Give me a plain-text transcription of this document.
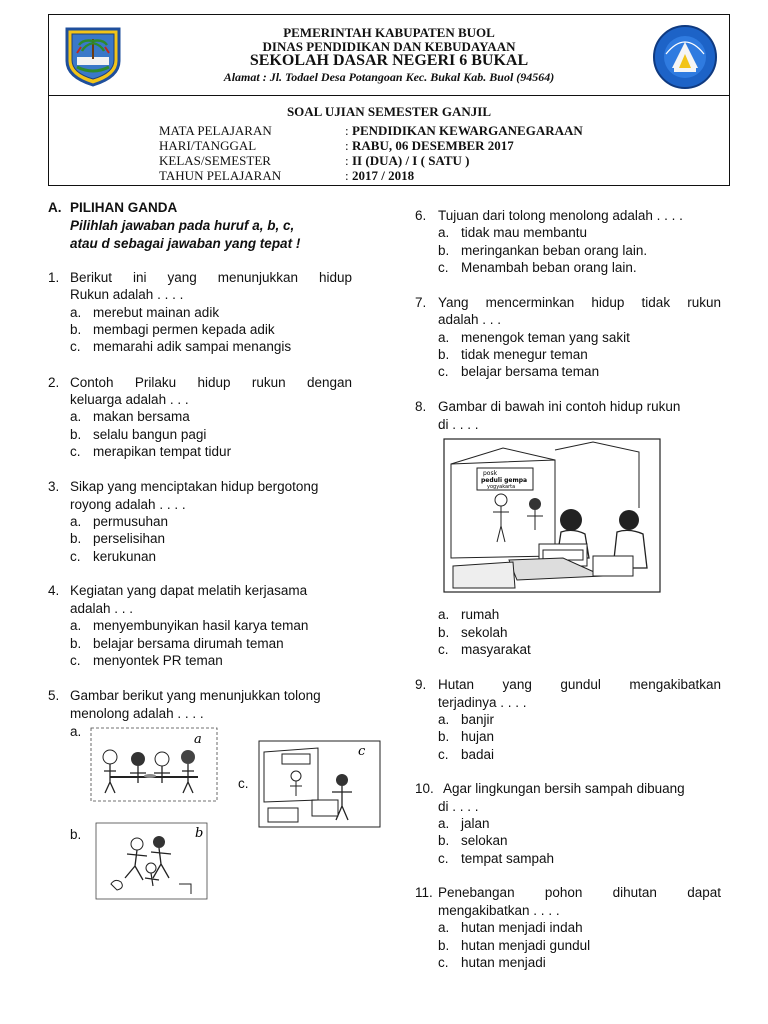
PEMERINTAH KABUPATEN BUOL
DINAS PENDIDIKAN DAN KEBUDAYAAN
SEKOLAH DASAR NEGERI 6 BUKAL
Alamat : Jl. Todael Desa Potangoan Kec. Bukal Kab. Buol (94564)
SOAL UJIAN SEMESTER GANJIL
MATA PELAJARAN	: PENDIDIKAN KEWARGANEGARAAN
HARI/TANGGAL	: RABU, 06 DESEMBER 2017
KELAS/SEMESTER	: II (DUA) / I ( SATU )
TAHUN PELAJARAN	: 2017 / 2018
A. PILIHAN GANDA
Pilihlah jawaban pada huruf a, b, c,
atau d sebagai jawaban yang tepat !
1. Berikut ini yang menunjukkan hidup
Rukun adalah . . . .
a. merebut mainan adik
b. membagi permen kepada adik
c. memarahi adik sampai menangis
2. Contoh Prilaku hidup rukun dengan
keluarga adalah . . .
a. makan bersama
b. selalu bangun pagi
c. merapikan tempat tidur
3. Sikap yang menciptakan hidup bergotong
royong adalah . . . .
a. permusuhan
b. perselisihan
c. kerukunan
4. Kegiatan yang dapat melatih kerjasama
adalah . . .
a. menyembunyikan hasil karya teman
b. belajar bersama dirumah teman
c. menyontek PR teman
5. Gambar berikut yang menunjukkan tolong
menolong adalah . . . .
a.
b.
c.
a
b
c
6. Tujuan dari tolong menolong adalah . . . .
a. tidak mau membantu
b. meringankan beban orang lain.
c. Menambah beban orang lain.
7. Yang mencerminkan hidup tidak rukun
adalah . . .
a. menengok teman yang sakit
b. tidak menegur teman
c. belajar bersama teman
8. Gambar di bawah ini contoh hidup rukun
di . . . .
posk
peduli gempa
yogyakarta
a. rumah
b. sekolah
c. masyarakat
9. Hutan yang gundul mengakibatkan
terjadinya . . . .
a. banjir
b. hujan
c. badai
10. Agar lingkungan bersih sampah dibuang
di . . . .
a. jalan
b. selokan
c. tempat sampah
11. Penebangan pohon dihutan dapat
mengakibatkan . . . .
a. hutan menjadi indah
b. hutan menjadi gundul
c. hutan menjadi
